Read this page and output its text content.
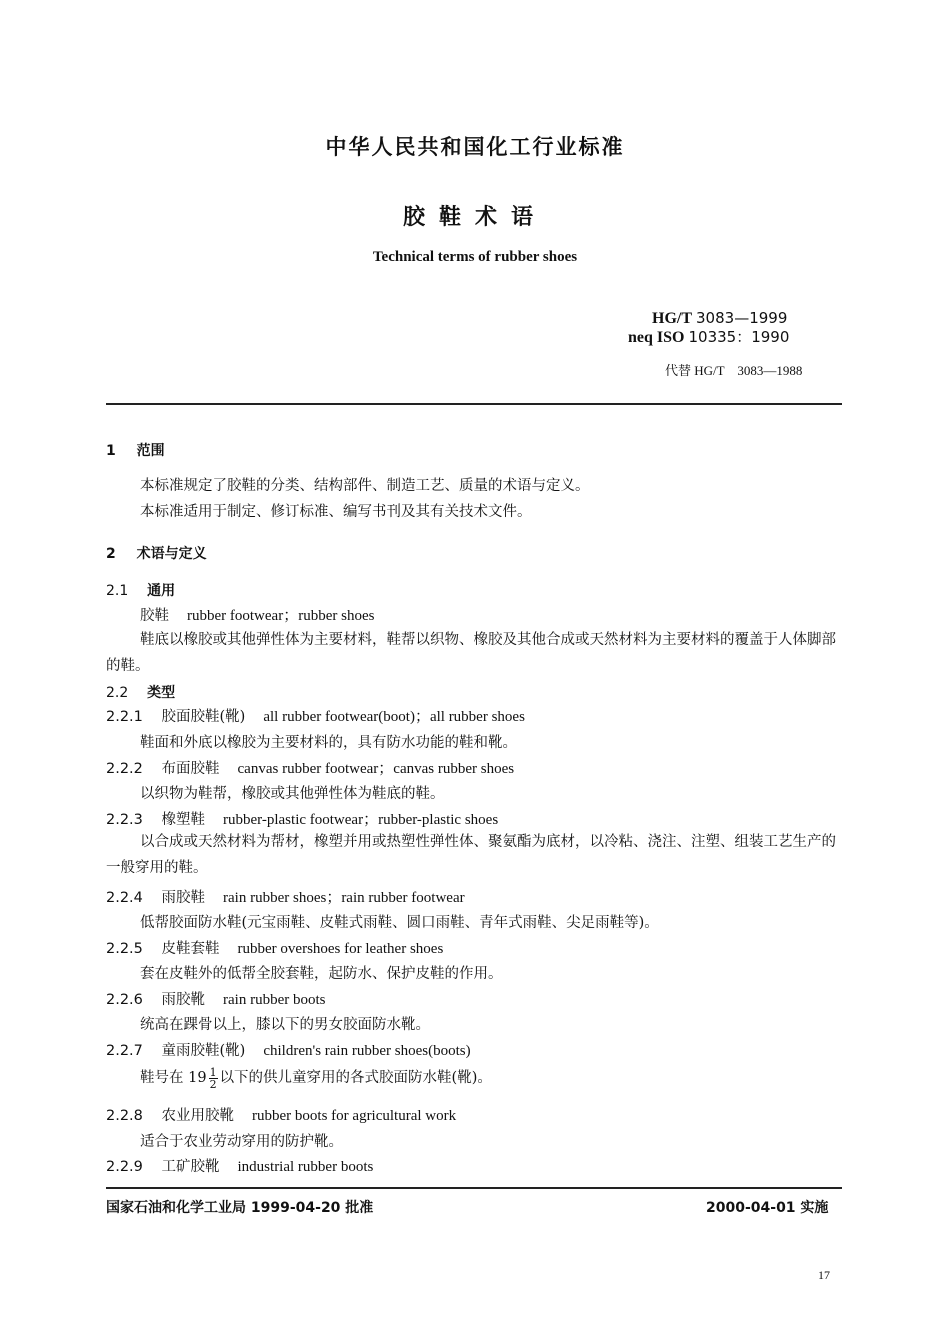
中华人民共和国化工行业标准
胶鞋术语
Technical terms of rubber shoes
HG/T 3083—1999
neq ISO 10335：1990
代替 HG/T　3083—1988
1 范围
本标准规定了胶鞋的分类、结构部件、制造工艺、质量的术语与定义。
本标准适用于制定、修订标准、编写书刊及其有关技术文件。
2 术语与定义
2.1 通用
胶鞋 rubber footwear；rubber shoes
鞋底以橡胶或其他弹性体为主要材料，鞋帮以织物、橡胶及其他合成或天然材料为主要材料的覆盖于人体脚部的鞋。
2.2 类型
2.2.1 胶面胶鞋(靴) all rubber footwear(boot)；all rubber shoes
鞋面和外底以橡胶为主要材料的，具有防水功能的鞋和靴。
2.2.2 布面胶鞋 canvas rubber footwear；canvas rubber shoes
以织物为鞋帮，橡胶或其他弹性体为鞋底的鞋。
2.2.3 橡塑鞋 rubber-plastic footwear；rubber-plastic shoes
以合成或天然材料为帮材，橡塑并用或热塑性弹性体、聚氨酯为底材，以冷粘、浇注、注塑、组装工艺生产的一般穿用的鞋。
2.2.4 雨胶鞋 rain rubber shoes；rain rubber footwear
低帮胶面防水鞋(元宝雨鞋、皮鞋式雨鞋、圆口雨鞋、青年式雨鞋、尖足雨鞋等)。
2.2.5 皮鞋套鞋 rubber overshoes for leather shoes
套在皮鞋外的低帮全胶套鞋，起防水、保护皮鞋的作用。
2.2.6 雨胶靴 rain rubber boots
统高在踝骨以上，膝以下的男女胶面防水靴。
2.2.7 童雨胶鞋(靴) children's rain rubber shoes(boots)
鞋号在 $19 \frac{1}{2}$ 以下的供儿童穿用的各式胶面防水鞋(靴)。
2.2.8 农业用胶靴 rubber boots for agricultural work
适合于农业劳动穿用的防护靴。
2.2.9 工矿胶靴 industrial rubber boots
国家石油和化学工业局 1999-04-20 批准	2000-04-01 实施
17
